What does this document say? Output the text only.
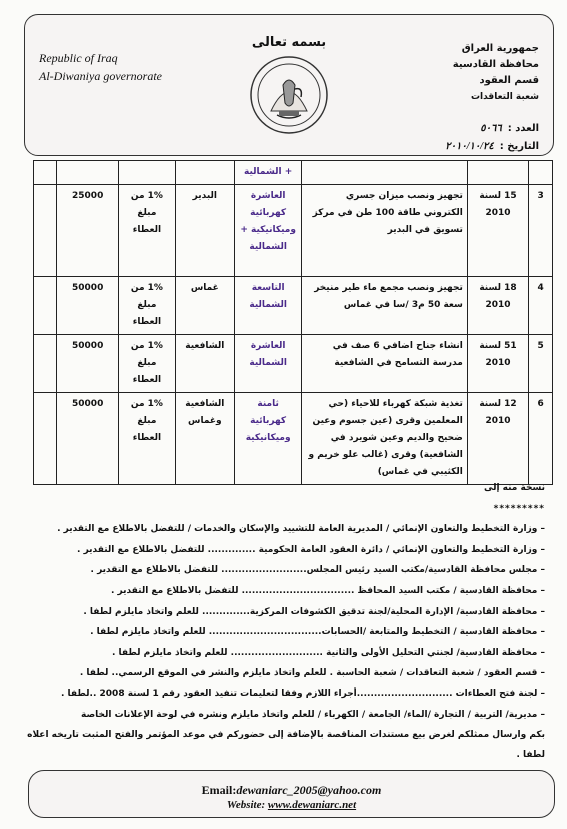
بسمه تعالى
Republic of Iraq
Al-Diwaniya governorate
جمهورية العراق
محافظة القادسية
قسم العقود
شعبة التعاقدات
العدد :٥٠٦٦
التاريخ :٢٠١٠/١٠/٢٤
			+ الشمالية				
3	15 لسنة 2010	تجهيز ونصب ميزان جسري الكتروني طاقة 100 طن في مركز تسويق في البدير	العاشرة كهربائية وميكانيكية + الشمالية	البدير	1% من مبلغ العطاء	25000	
4	18 لسنة 2010	تجهيز ونصب مجمع ماء طير منيخر سعة 50 م3 /سا في غماس	التاسعة الشمالية	غماس	1% من مبلغ العطاء	50000	
5	51 لسنة 2010	انشاء جناح اضافي 6 صف في مدرسة التسامح في الشافعية	العاشرة الشمالية	الشافعية	1% من مبلغ العطاء	50000	
6	12 لسنة 2010	تغذية شبكة كهرباء للاحياء (حي المعلمين وقرى (عين جسوم وعين ضحيح والديم وعين شويرد في الشافعية) وقرى (غالب علو خريم و الكثيبي في غماس)	ثامنة كهربائية وميكانيكية	الشافعية وغماس	1% من مبلغ العطاء	50000	
نسخة منه إلى
*********
– وزارة التخطيط والتعاون الإنمائي / المديرية العامة للتشييد والإسكان والخدمات / للتفضل بالاطلاع مع التقدير .
– وزارة التخطيط والتعاون الإنمائي / دائرة العقود العامة الحكومية .............. للتفضل بالاطلاع مع التقدير .
– مجلس محافظة القادسية/مكتب السيد رئيس المجلس......................... للتفضل بالاطلاع مع التقدير .
– محافظة القادسية / مكتب السيد المحافظ ................................. للتفضل بالاطلاع مع التقدير .
– محافظة القادسية/ الإدارة المحلية/لجنة تدقيق الكشوفات المركزية.............. للعلم واتخاذ مايلزم لطفا .
– محافظة القادسية / التخطيط والمتابعة /الحسابات................................. للعلم واتخاذ مايلزم لطفا .
– محافظة القادسية/ لجنتي التحليل الأولى والثانية ........................... للعلم واتخاذ مايلزم لطفا .
– قسم العقود / شعبة التعاقدات / شعبة الحاسبة . للعلم واتخاذ مايلزم والنشر في الموقع الرسمي.. لطفا .
– لجنة فتح العطاءات ............................أجراء اللازم وفقا لتعليمات تنفيذ العقود رقم 1 لسنة 2008 ..لطفا .
– مديرية/ التربية / التجارة /الماء/ الجامعة / الكهرباء / للعلم واتخاذ مايلزم ونشره في لوحة الإعلانات الخاصة
بكم وارسال ممثلكم لغرض بيع مستندات المناقصة بالإضافة إلى حضوركم في موعد المؤتمر والفتح المثبت تاريخه اعلاه لطفا .
Email:dewaniarc_2005@yahoo.com
Website: www.dewaniarc.net
